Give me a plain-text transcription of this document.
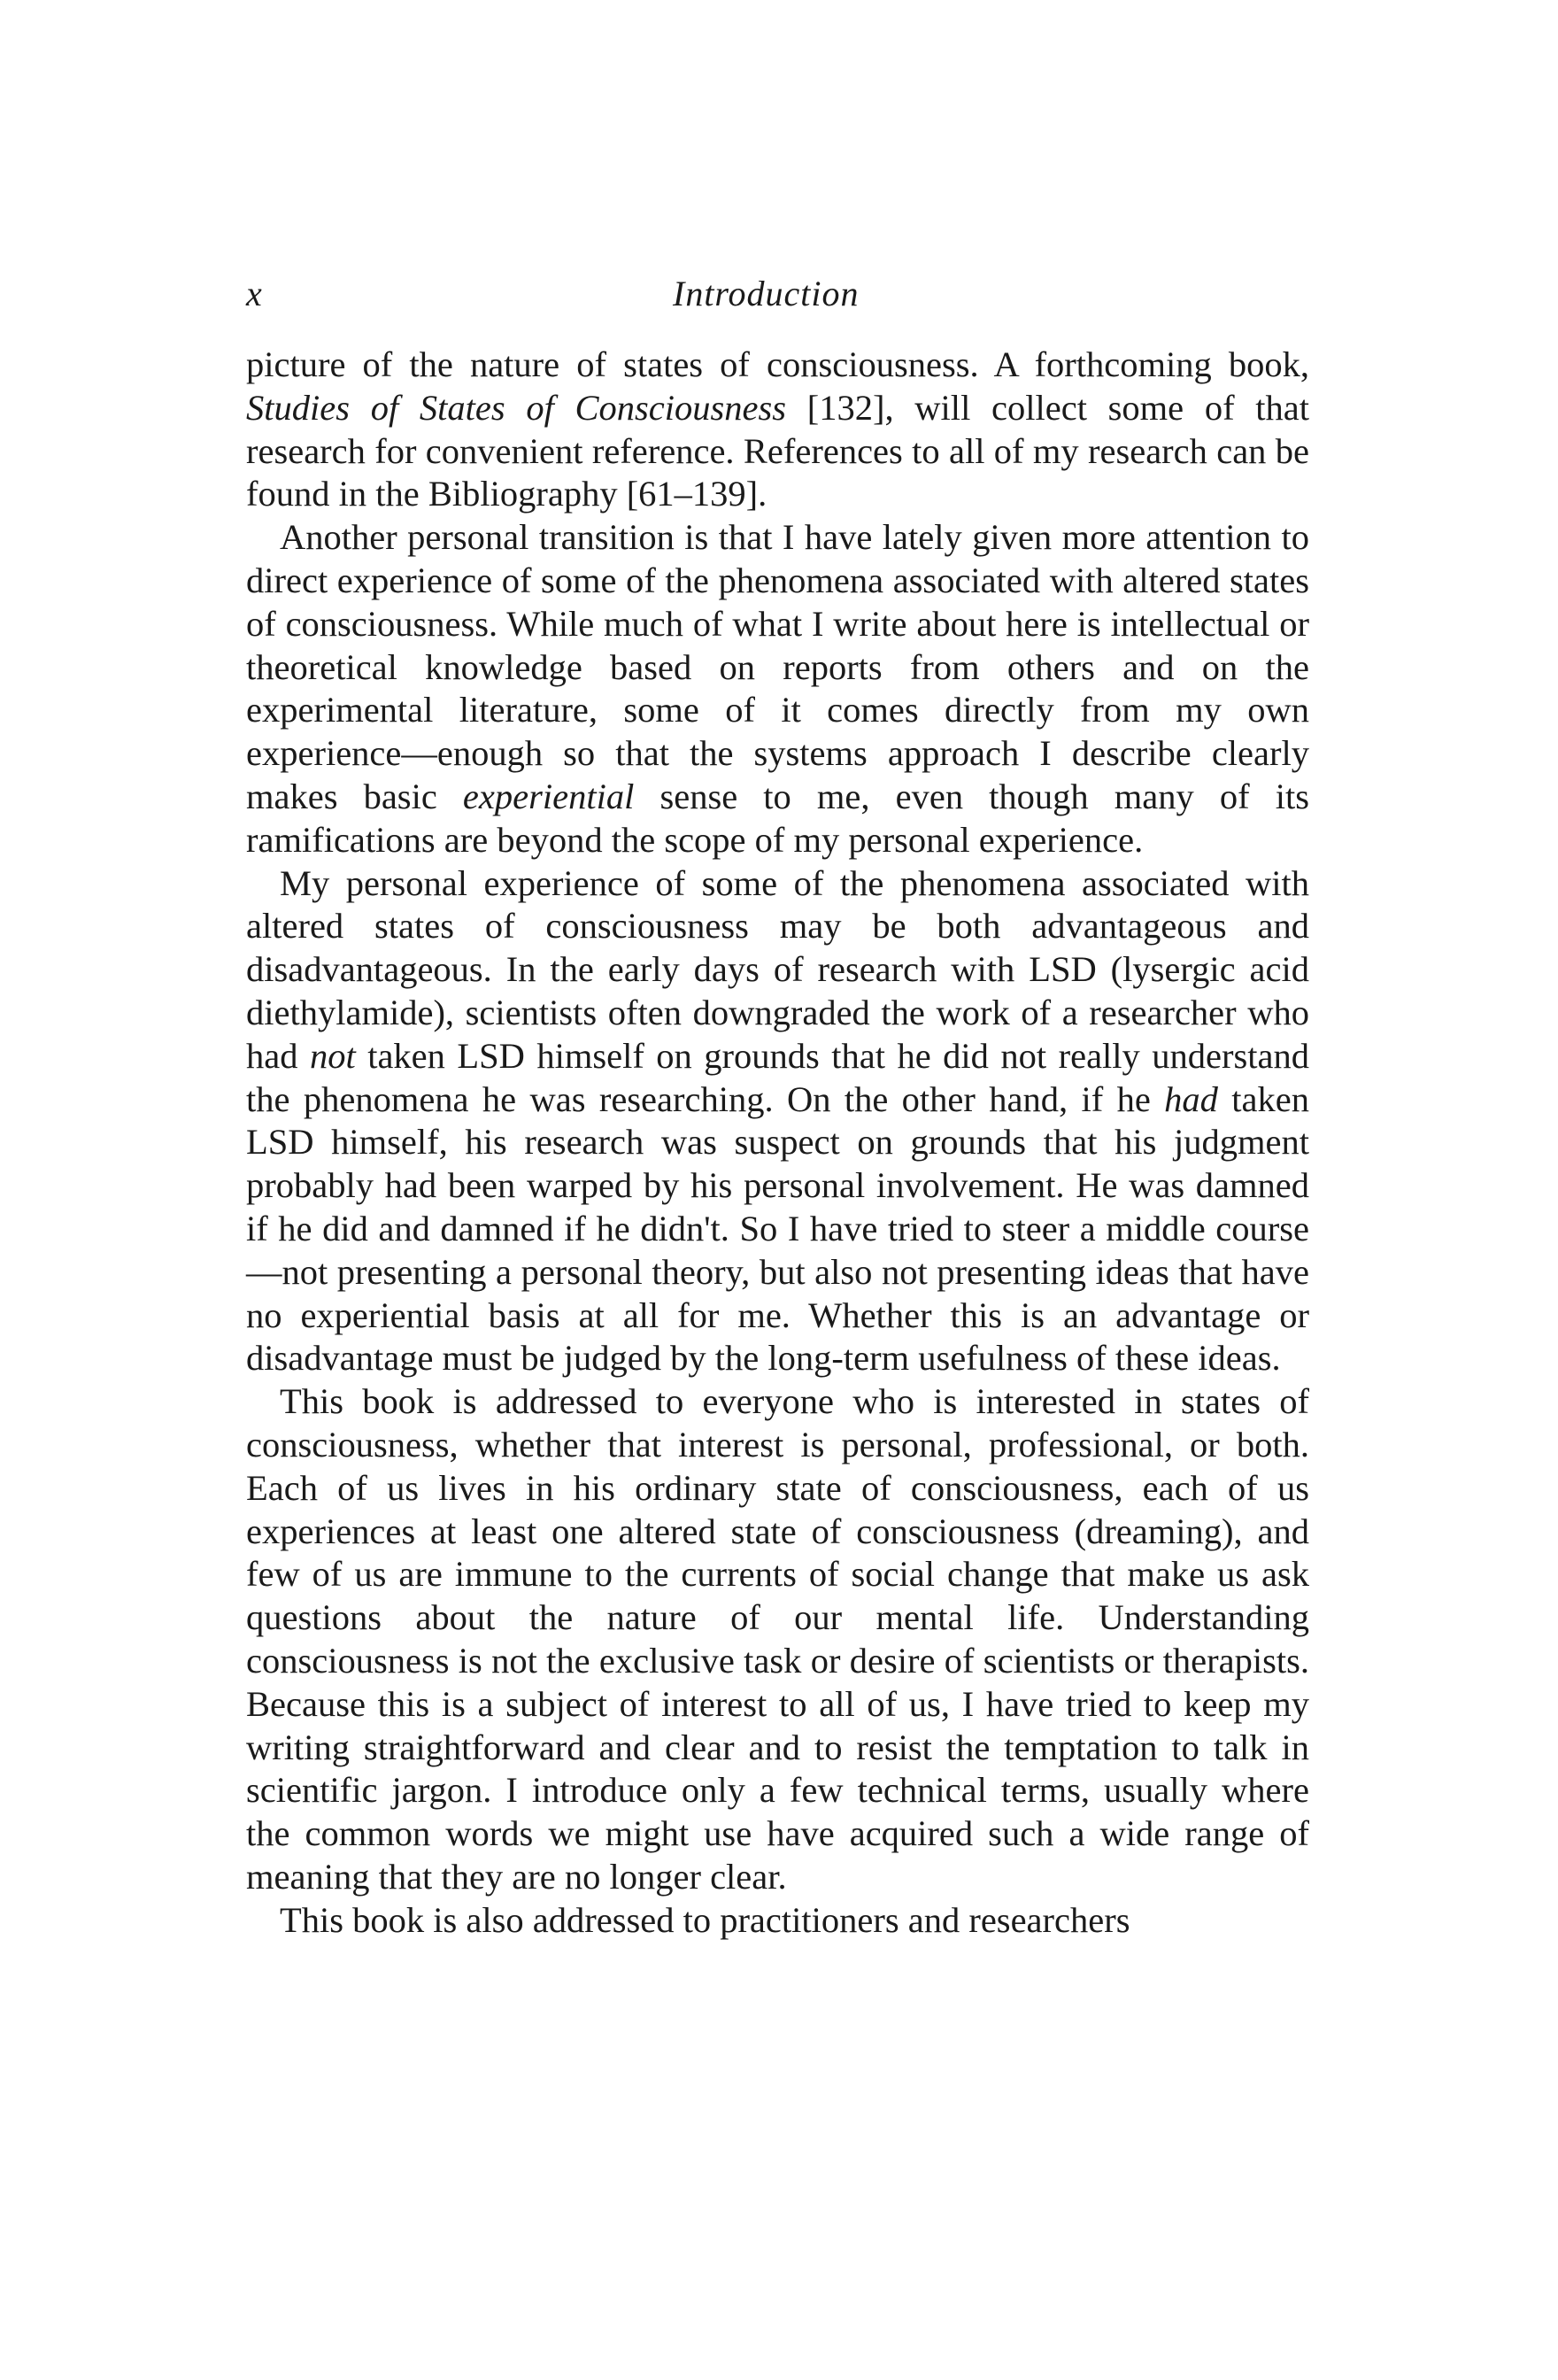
x	Introduction

picture of the nature of states of consciousness. A forthcoming book, Studies of States of Consciousness [132], will collect some of that research for convenient reference. References to all of my research can be found in the Bibliography [61–139].

Another personal transition is that I have lately given more attention to direct experience of some of the phenomena associated with altered states of consciousness. While much of what I write about here is intellectual or theoretical knowledge based on reports from others and on the experimental literature, some of it comes directly from my own experience—enough so that the systems approach I describe clearly makes basic experiential sense to me, even though many of its ramifications are beyond the scope of my personal experience.

My personal experience of some of the phenomena associated with altered states of consciousness may be both advantageous and disadvantageous. In the early days of research with LSD (lysergic acid diethylamide), scientists often downgraded the work of a researcher who had not taken LSD himself on grounds that he did not really understand the phenomena he was researching. On the other hand, if he had taken LSD himself, his research was suspect on grounds that his judgment probably had been warped by his personal involvement. He was damned if he did and damned if he didn't. So I have tried to steer a middle course—not presenting a personal theory, but also not presenting ideas that have no experiential basis at all for me. Whether this is an advantage or disadvantage must be judged by the long-term usefulness of these ideas.

This book is addressed to everyone who is interested in states of consciousness, whether that interest is personal, professional, or both. Each of us lives in his ordinary state of consciousness, each of us experiences at least one altered state of consciousness (dreaming), and few of us are immune to the currents of social change that make us ask questions about the nature of our mental life. Understanding consciousness is not the exclusive task or desire of scientists or therapists. Because this is a subject of interest to all of us, I have tried to keep my writing straightforward and clear and to resist the temptation to talk in scientific jargon. I introduce only a few technical terms, usually where the common words we might use have acquired such a wide range of meaning that they are no longer clear.

This book is also addressed to practitioners and researchers
